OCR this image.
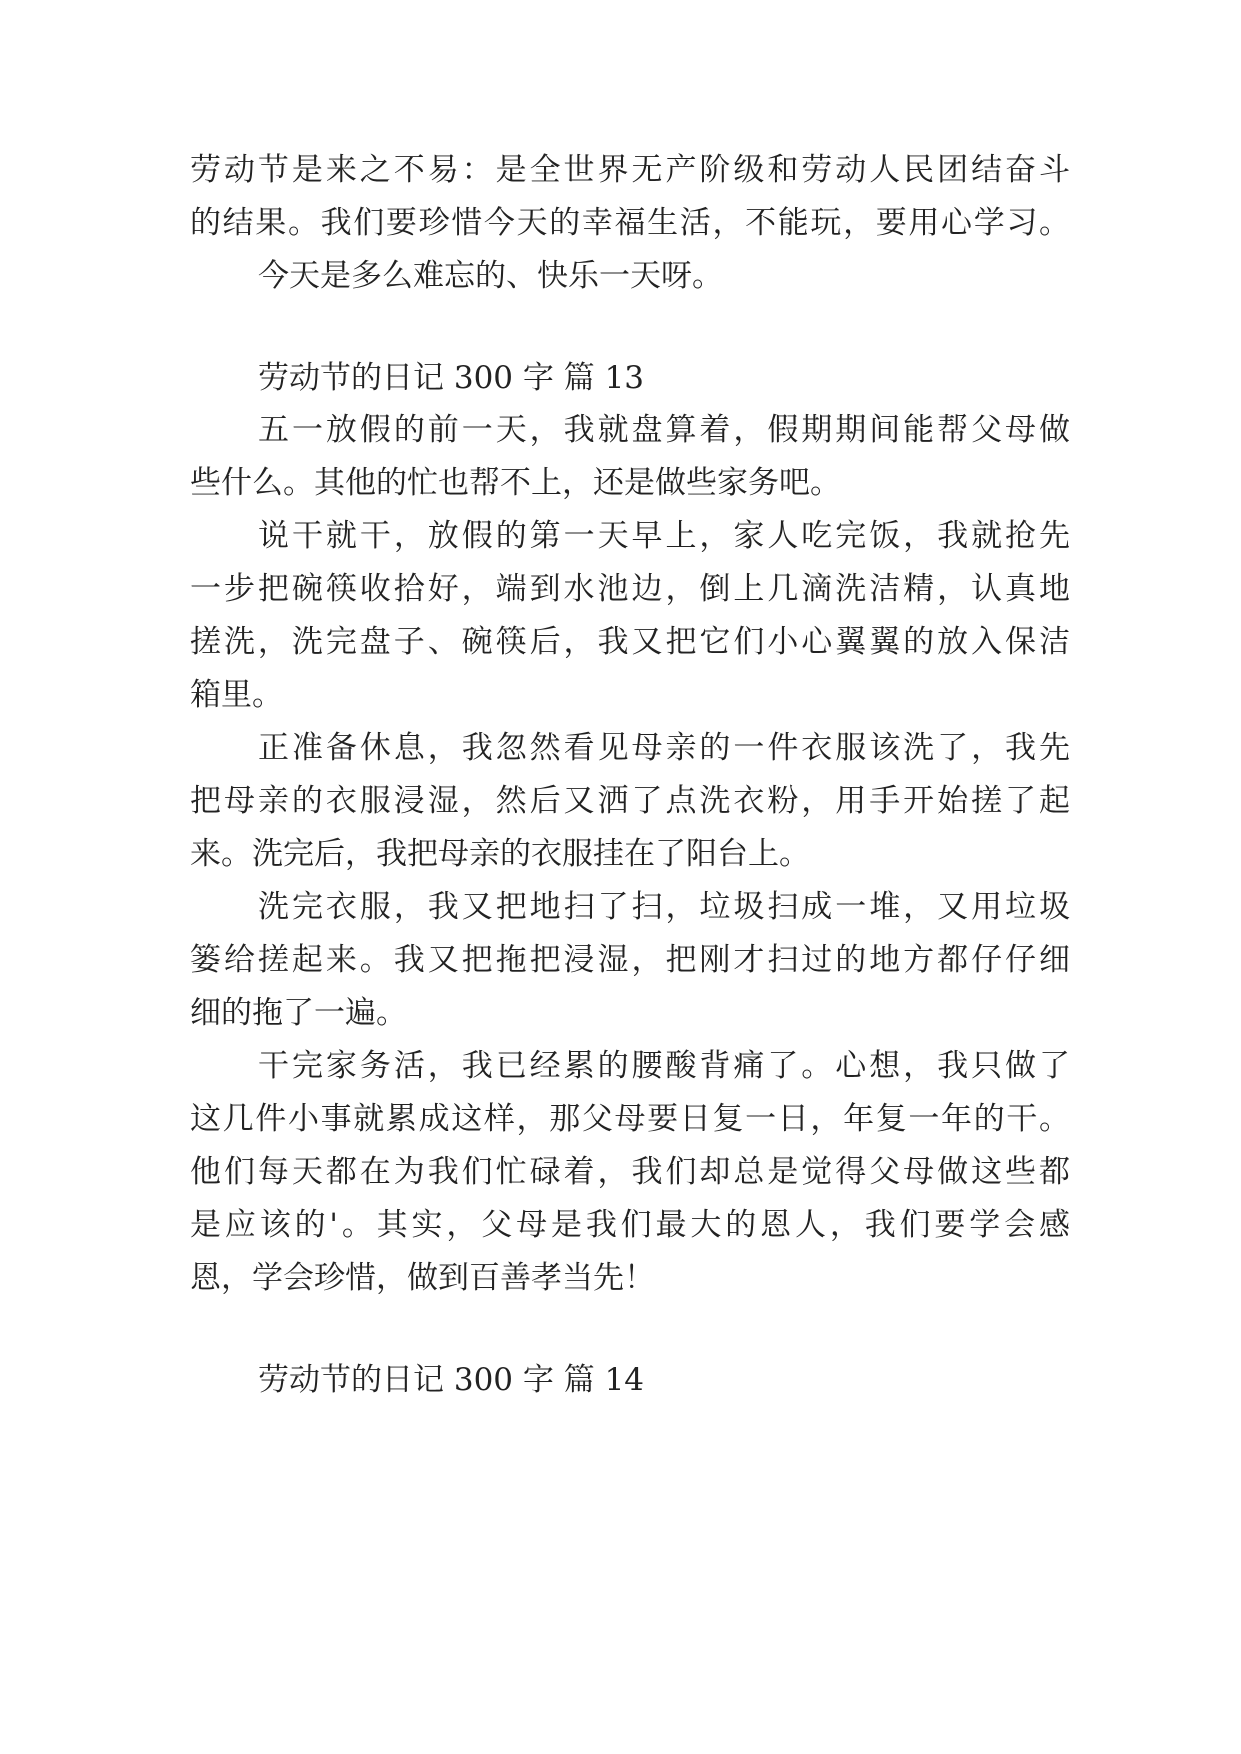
劳动节是来之不易：是全世界无产阶级和劳动人民团结奋斗
的结果。我们要珍惜今天的幸福生活，不能玩，要用心学习。
今天是多么难忘的、快乐一天呀。
劳动节的日记 300 字 篇 13
五一放假的前一天，我就盘算着，假期期间能帮父母做
些什么。其他的忙也帮不上，还是做些家务吧。
说干就干，放假的第一天早上，家人吃完饭，我就抢先
一步把碗筷收拾好，端到水池边，倒上几滴洗洁精，认真地
搓洗，洗完盘子、碗筷后，我又把它们小心翼翼的放入保洁
箱里。
正准备休息，我忽然看见母亲的一件衣服该洗了，我先
把母亲的衣服浸湿，然后又洒了点洗衣粉，用手开始搓了起
来。洗完后，我把母亲的衣服挂在了阳台上。
洗完衣服，我又把地扫了扫，垃圾扫成一堆，又用垃圾
篓给搓起来。我又把拖把浸湿，把刚才扫过的地方都仔仔细
细的拖了一遍。
干完家务活，我已经累的腰酸背痛了。心想，我只做了
这几件小事就累成这样，那父母要日复一日，年复一年的干。
他们每天都在为我们忙碌着，我们却总是觉得父母做这些都
是应该的'。其实，父母是我们最大的恩人，我们要学会感
恩，学会珍惜，做到百善孝当先！
劳动节的日记 300 字 篇 14
